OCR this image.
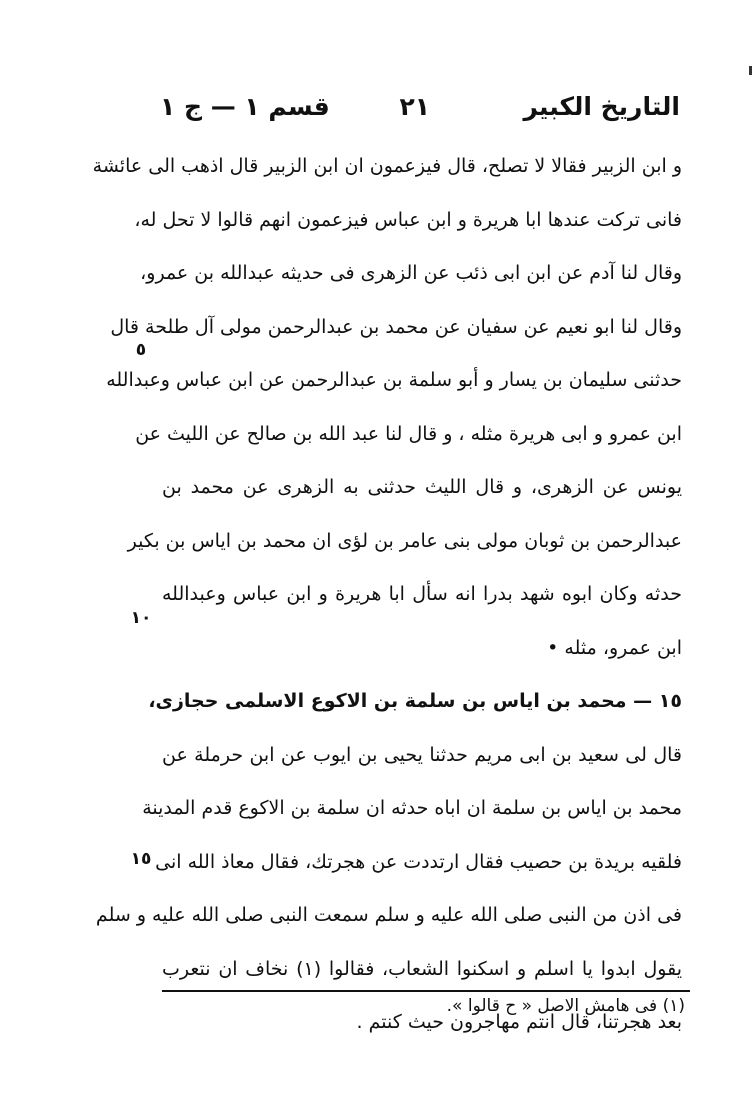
التاريخ الكبير
٢١
قسم ١ — ج ١
٥
١٠
١٥
و ابن الزبير فقالا لا تصلح، قال فيزعمون ان ابن الزبير قال اذهب الى عائشة
فانى تركت عندها ابا هريرة و ابن عباس فيزعمون انهم قالوا لا تحل له،
وقال لنا آدم عن ابن ابى ذئب عن الزهرى فى حديثه عبدالله بن عمرو،
وقال لنا ابو نعيم عن سفيان عن محمد بن عبدالرحمن مولى آل طلحة قال
حدثنى سليمان بن يسار و أبو سلمة بن عبدالرحمن عن ابن عباس وعبدالله
ابن عمرو و ابى هريرة مثله ، و قال لنا عبد الله بن صالح عن الليث عن
يونس عن الزهرى، و قال الليث حدثنى به الزهرى عن محمد بن
عبدالرحمن بن ثوبان مولى بنى عامر بن لؤى ان محمد بن اياس بن بكير
حدثه وكان ابوه شهد بدرا انه سأل ابا هريرة و ابن عباس وعبدالله
ابن عمرو، مثله •
١٥ — محمد بن اياس بن سلمة بن الاكوع الاسلمى حجازى،
قال لى سعيد بن ابى مريم حدثنا يحيى بن ايوب عن ابن حرملة عن
محمد بن اياس بن سلمة ان اباه حدثه ان سلمة بن الاكوع قدم المدينة
فلقيه بريدة بن حصيب فقال ارتددت عن هجرتك، فقال معاذ الله انى
فى اذن من النبى صلى الله عليه و سلم سمعت النبى صلى الله عليه و سلم
يقول ابدوا يا اسلم و اسكنوا الشعاب، فقالوا (١) نخاف ان نتعرب
بعد هجرتنا، قال انتم مهاجرون حيث كنتم .
(١) فى هامش الاصل « ح قالوا ».
